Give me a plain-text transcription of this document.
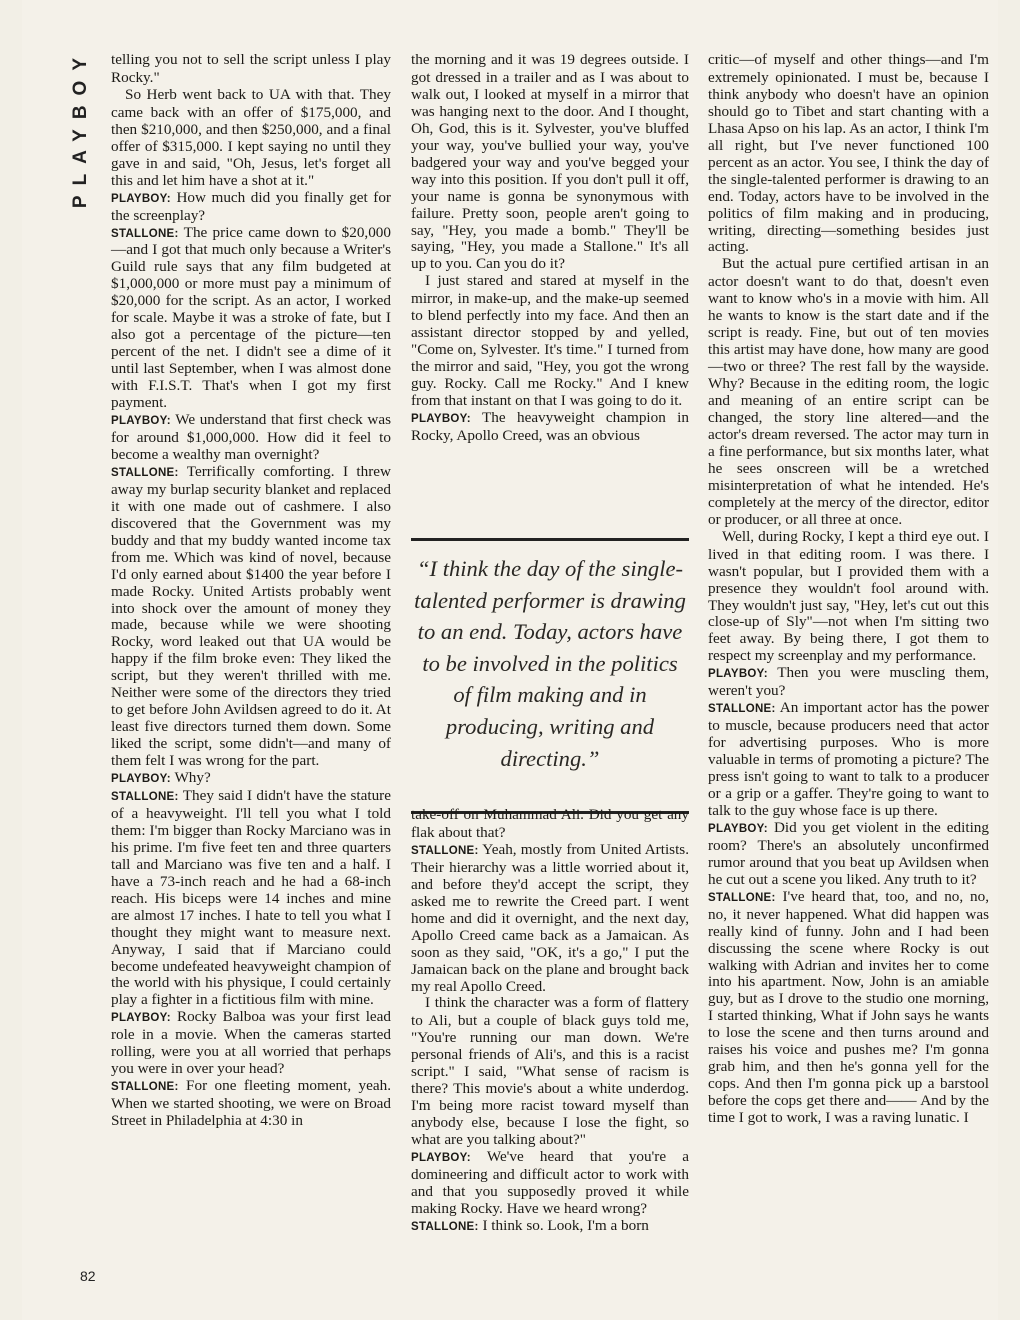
PLAYBOY
82

telling you not to sell the script unless I play Rocky."

So Herb went back to UA with that. They came back with an offer of $175,000, and then $210,000, and then $250,000, and a final offer of $315,000. I kept saying no until they gave in and said, "Oh, Jesus, let's forget all this and let him have a shot at it."

PLAYBOY: How much did you finally get for the screenplay?

STALLONE: The price came down to $20,000—and I got that much only because a Writer's Guild rule says that any film budgeted at $1,000,000 or more must pay a minimum of $20,000 for the script. As an actor, I worked for scale. Maybe it was a stroke of fate, but I also got a percentage of the picture—ten percent of the net. I didn't see a dime of it until last September, when I was almost done with F.I.S.T. That's when I got my first payment.

PLAYBOY: We understand that first check was for around $1,000,000. How did it feel to become a wealthy man overnight?

STALLONE: Terrifically comforting. I threw away my burlap security blanket and replaced it with one made out of cashmere. I also discovered that the Government was my buddy and that my buddy wanted income tax from me. Which was kind of novel, because I'd only earned about $1400 the year before I made Rocky. United Artists probably went into shock over the amount of money they made, because while we were shooting Rocky, word leaked out that UA would be happy if the film broke even: They liked the script, but they weren't thrilled with me. Neither were some of the directors they tried to get before John Avildsen agreed to do it. At least five directors turned them down. Some liked the script, some didn't—and many of them felt I was wrong for the part.

PLAYBOY: Why?

STALLONE: They said I didn't have the stature of a heavyweight. I'll tell you what I told them: I'm bigger than Rocky Marciano was in his prime. I'm five feet ten and three quarters tall and Marciano was five ten and a half. I have a 73-inch reach and he had a 68-inch reach. His biceps were 14 inches and mine are almost 17 inches. I hate to tell you what I thought they might want to measure next. Anyway, I said that if Marciano could become undefeated heavyweight champion of the world with his physique, I could certainly play a fighter in a fictitious film with mine.

PLAYBOY: Rocky Balboa was your first lead role in a movie. When the cameras started rolling, were you at all worried that perhaps you were in over your head?

STALLONE: For one fleeting moment, yeah. When we started shooting, we were on Broad Street in Philadelphia at 4:30 in

the morning and it was 19 degrees outside. I got dressed in a trailer and as I was about to walk out, I looked at myself in a mirror that was hanging next to the door. And I thought, Oh, God, this is it. Sylvester, you've bluffed your way, you've bullied your way, you've badgered your way and you've begged your way into this position. If you don't pull it off, your name is gonna be synonymous with failure. Pretty soon, people aren't going to say, "Hey, you made a bomb." They'll be saying, "Hey, you made a Stallone." It's all up to you. Can you do it?

I just stared and stared at myself in the mirror, in make-up, and the make-up seemed to blend perfectly into my face. And then an assistant director stopped by and yelled, "Come on, Sylvester. It's time." I turned from the mirror and said, "Hey, you got the wrong guy. Rocky. Call me Rocky." And I knew from that instant on that I was going to do it.

PLAYBOY: The heavyweight champion in Rocky, Apollo Creed, was an obvious

“I think the day of the single-talented performer is drawing to an end. Today, actors have to be involved in the politics of film making and in producing, writing and directing.”

take-off on Muhammad Ali. Did you get any flak about that?

STALLONE: Yeah, mostly from United Artists. Their hierarchy was a little worried about it, and before they'd accept the script, they asked me to rewrite the Creed part. I went home and did it overnight, and the next day, Apollo Creed came back as a Jamaican. As soon as they said, "OK, it's a go," I put the Jamaican back on the plane and brought back my real Apollo Creed.

I think the character was a form of flattery to Ali, but a couple of black guys told me, "You're running our man down. We're personal friends of Ali's, and this is a racist script." I said, "What sense of racism is there? This movie's about a white underdog. I'm being more racist toward myself than anybody else, because I lose the fight, so what are you talking about?"

PLAYBOY: We've heard that you're a domineering and difficult actor to work with and that you supposedly proved it while making Rocky. Have we heard wrong?

STALLONE: I think so. Look, I'm a born

critic—of myself and other things—and I'm extremely opinionated. I must be, because I think anybody who doesn't have an opinion should go to Tibet and start chanting with a Lhasa Apso on his lap. As an actor, I think I'm all right, but I've never functioned 100 percent as an actor. You see, I think the day of the single-talented performer is drawing to an end. Today, actors have to be involved in the politics of film making and in producing, writing, directing—something besides just acting.

But the actual pure certified artisan in an actor doesn't want to do that, doesn't even want to know who's in a movie with him. All he wants to know is the start date and if the script is ready. Fine, but out of ten movies this artist may have done, how many are good—two or three? The rest fall by the wayside. Why? Because in the editing room, the logic and meaning of an entire script can be changed, the story line altered—and the actor's dream reversed. The actor may turn in a fine performance, but six months later, what he sees onscreen will be a wretched misinterpretation of what he intended. He's completely at the mercy of the director, editor or producer, or all three at once.

Well, during Rocky, I kept a third eye out. I lived in that editing room. I was there. I wasn't popular, but I provided them with a presence they wouldn't fool around with. They wouldn't just say, "Hey, let's cut out this close-up of Sly"—not when I'm sitting two feet away. By being there, I got them to respect my screenplay and my performance.

PLAYBOY: Then you were muscling them, weren't you?

STALLONE: An important actor has the power to muscle, because producers need that actor for advertising purposes. Who is more valuable in terms of promoting a picture? The press isn't going to want to talk to a producer or a grip or a gaffer. They're going to want to talk to the guy whose face is up there.

PLAYBOY: Did you get violent in the editing room? There's an absolutely unconfirmed rumor around that you beat up Avildsen when he cut out a scene you liked. Any truth to it?

STALLONE: I've heard that, too, and no, no, no, it never happened. What did happen was really kind of funny. John and I had been discussing the scene where Rocky is out walking with Adrian and invites her to come into his apartment. Now, John is an amiable guy, but as I drove to the studio one morning, I started thinking, What if John says he wants to lose the scene and then turns around and raises his voice and pushes me? I'm gonna grab him, and then he's gonna yell for the cops. And then I'm gonna pick up a barstool before the cops get there and—— And by the time I got to work, I was a raving lunatic. I
